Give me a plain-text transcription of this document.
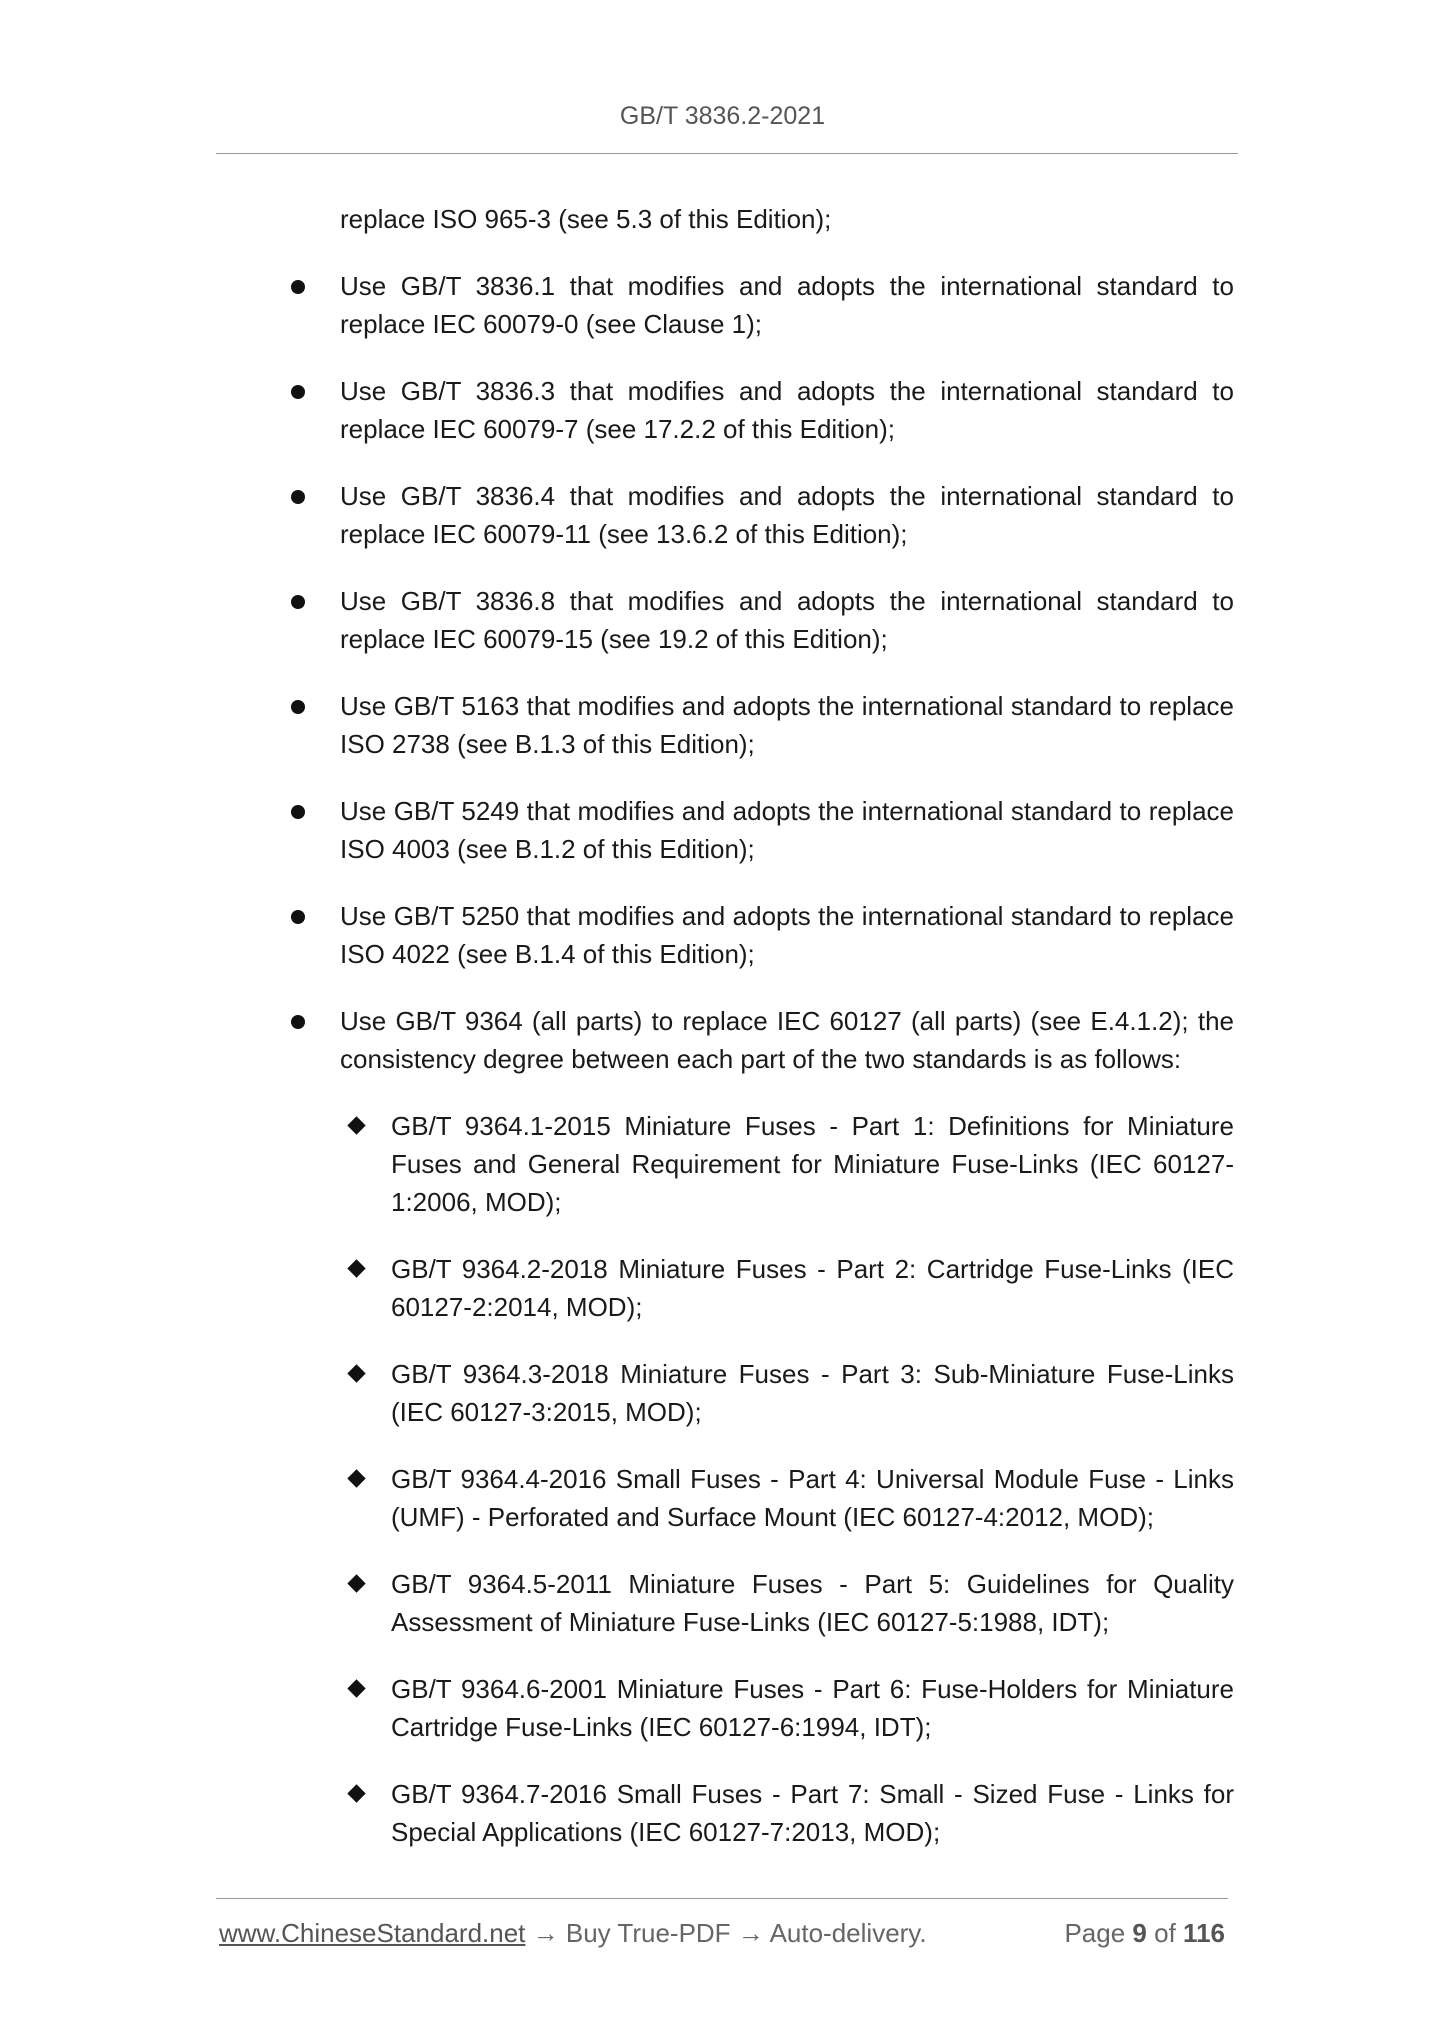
GB/T 3836.2-2021

replace ISO 965-3 (see 5.3 of this Edition);

Use GB/T 3836.1 that modifies and adopts the international standard to replace IEC 60079-0 (see Clause 1);
Use GB/T 3836.3 that modifies and adopts the international standard to replace IEC 60079-7 (see 17.2.2 of this Edition);
Use GB/T 3836.4 that modifies and adopts the international standard to replace IEC 60079-11 (see 13.6.2 of this Edition);
Use GB/T 3836.8 that modifies and adopts the international standard to replace IEC 60079-15 (see 19.2 of this Edition);
Use GB/T 5163 that modifies and adopts the international standard to replace ISO 2738 (see B.1.3 of this Edition);
Use GB/T 5249 that modifies and adopts the international standard to replace ISO 4003 (see B.1.2 of this Edition);
Use GB/T 5250 that modifies and adopts the international standard to replace ISO 4022 (see B.1.4 of this Edition);
Use GB/T 9364 (all parts) to replace IEC 60127 (all parts) (see E.4.1.2); the consistency degree between each part of the two standards is as follows:
GB/T 9364.1-2015 Miniature Fuses - Part 1: Definitions for Miniature Fuses and General Requirement for Miniature Fuse-Links (IEC 60127-1:2006, MOD);
GB/T 9364.2-2018 Miniature Fuses - Part 2: Cartridge Fuse-Links (IEC 60127-2:2014, MOD);
GB/T 9364.3-2018 Miniature Fuses - Part 3: Sub-Miniature Fuse-Links (IEC 60127-3:2015, MOD);
GB/T 9364.4-2016 Small Fuses - Part 4: Universal Module Fuse - Links (UMF) - Perforated and Surface Mount (IEC 60127-4:2012, MOD);
GB/T 9364.5-2011 Miniature Fuses - Part 5: Guidelines for Quality Assessment of Miniature Fuse-Links (IEC 60127-5:1988, IDT);
GB/T 9364.6-2001 Miniature Fuses - Part 6: Fuse-Holders for Miniature Cartridge Fuse-Links (IEC 60127-6:1994, IDT);
GB/T 9364.7-2016 Small Fuses - Part 7: Small - Sized Fuse - Links for Special Applications (IEC 60127-7:2013, MOD);
www.ChineseStandard.net → Buy True-PDF → Auto-delivery.	Page 9 of 116
